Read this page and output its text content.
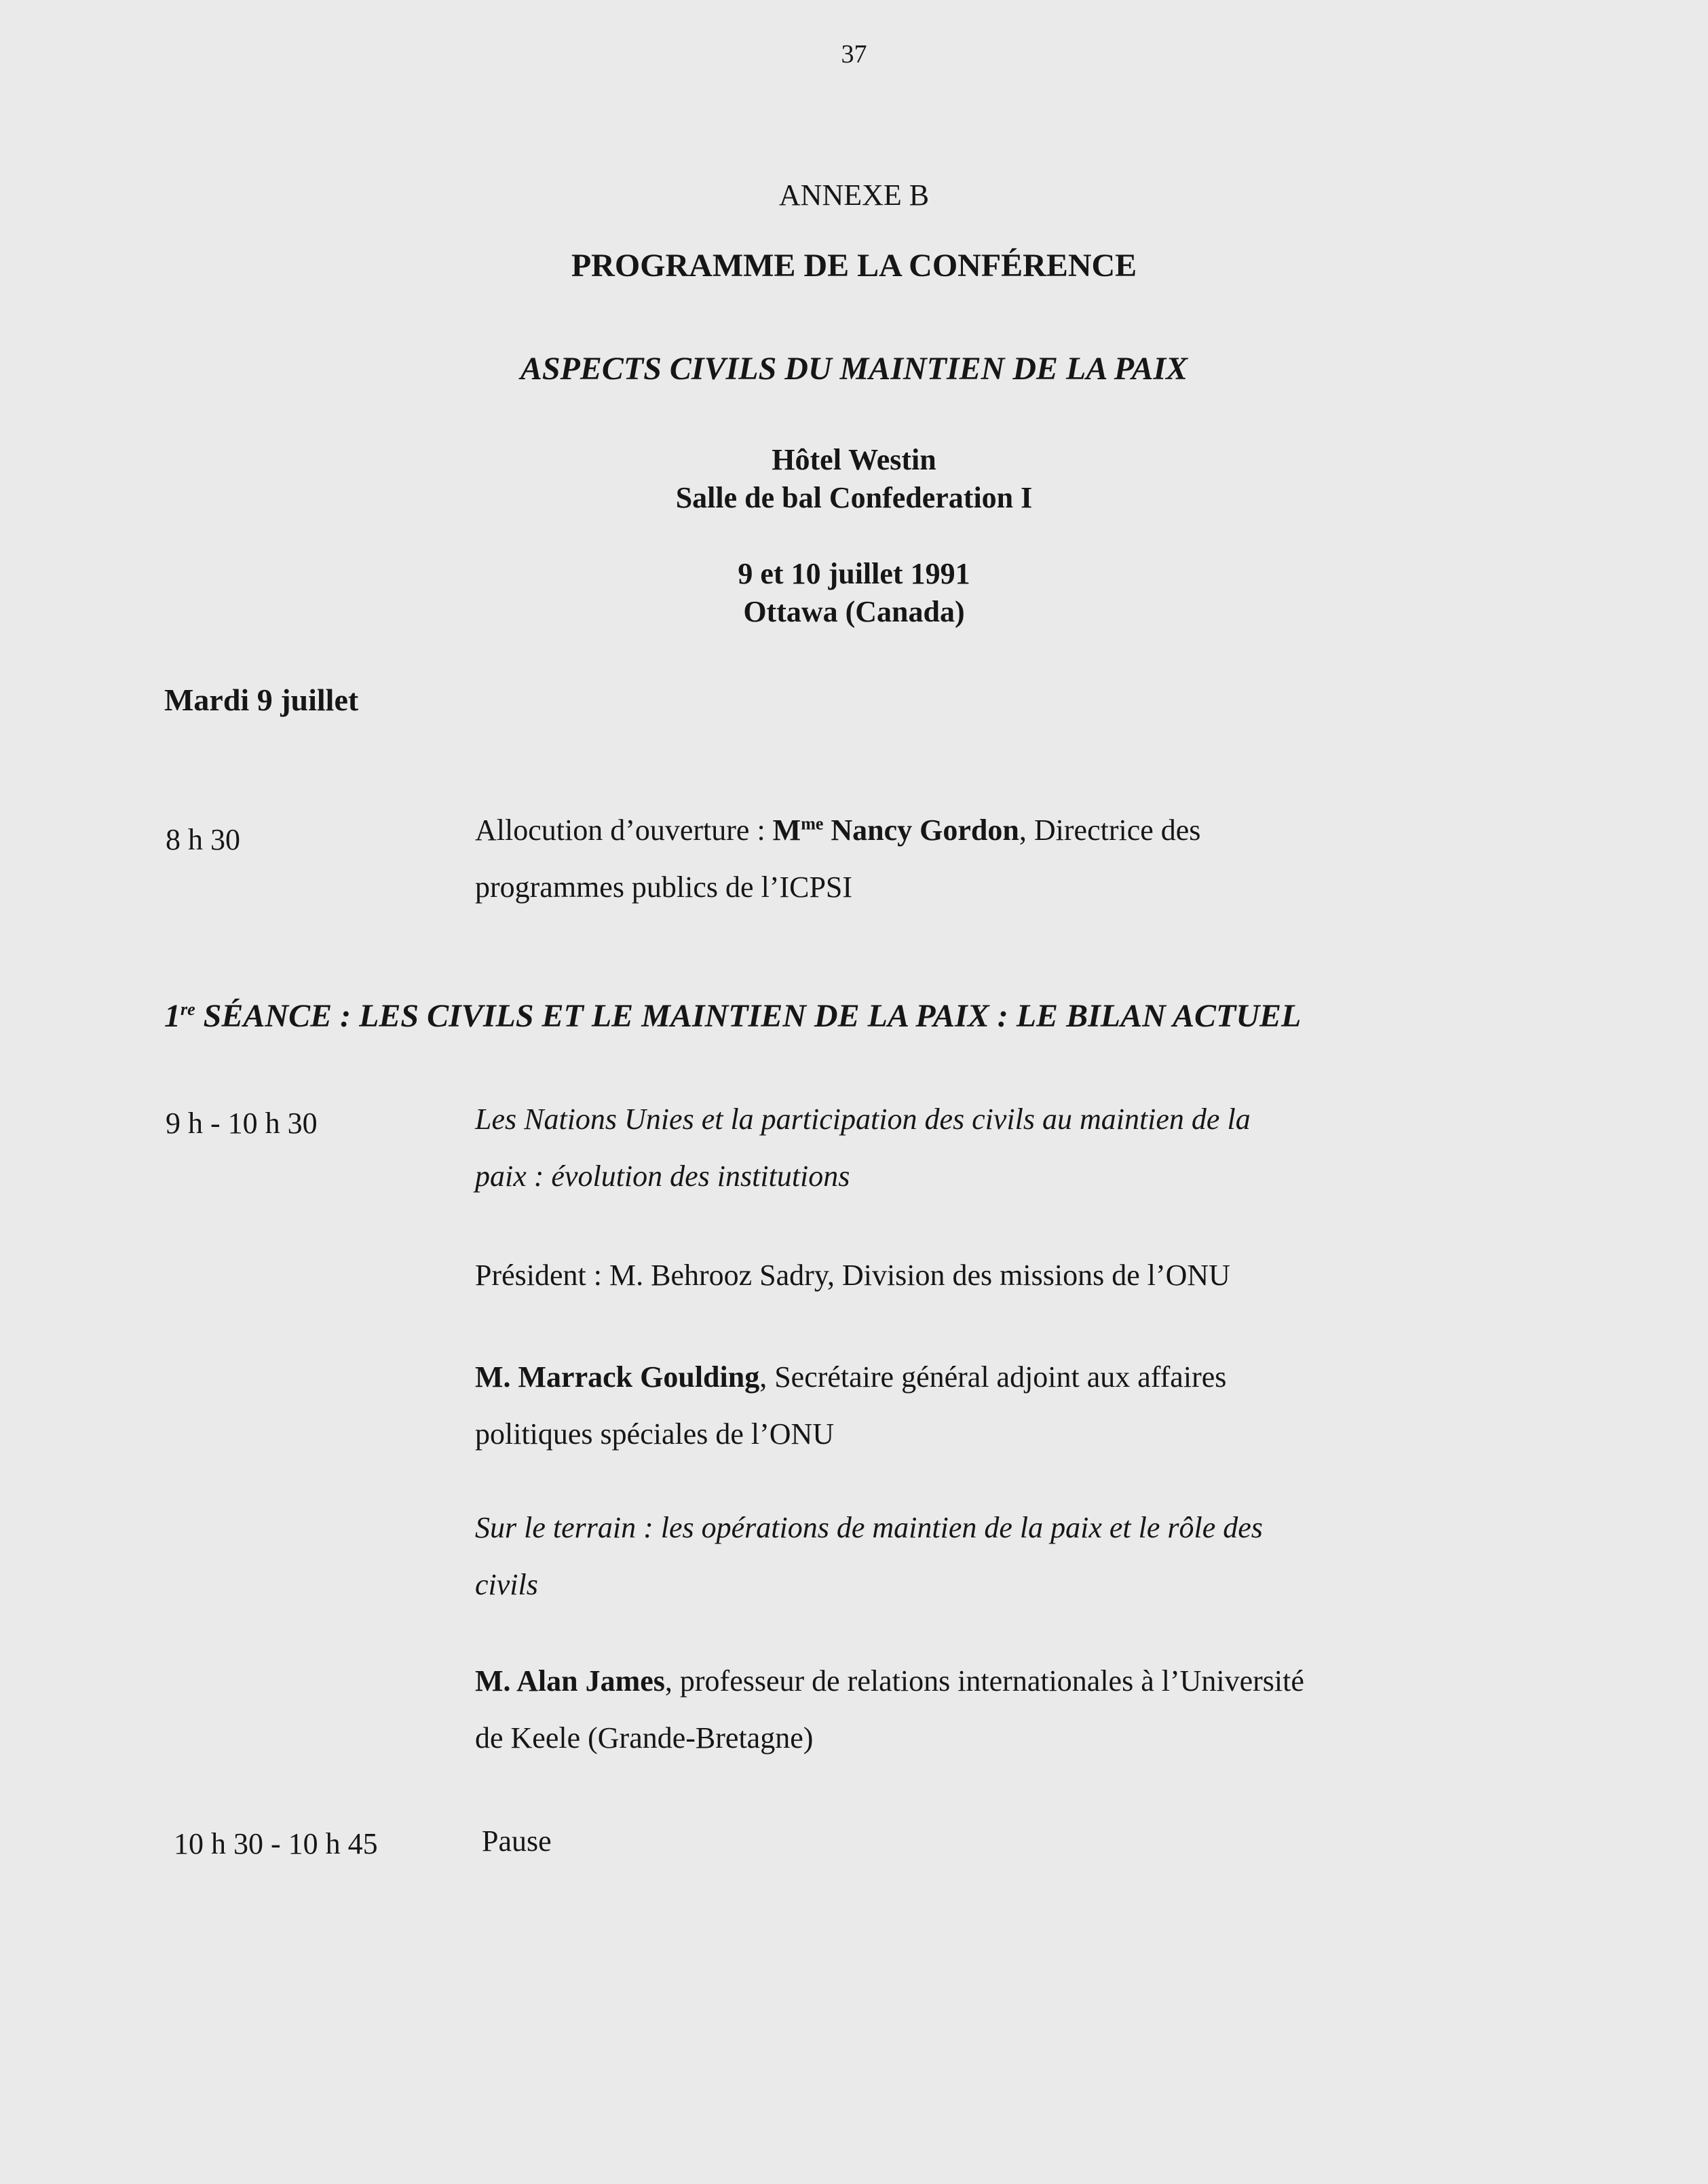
37
ANNEXE B
PROGRAMME DE LA CONFÉRENCE
ASPECTS CIVILS DU MAINTIEN DE LA PAIX
Hôtel Westin
Salle de bal Confederation I
9 et 10 juillet 1991
Ottawa (Canada)
Mardi 9 juillet
8 h 30	Allocution d’ouverture : $M^{me}$ Nancy Gordon, Directrice des
programmes publics de l’ICPSI
1re SÉANCE : LES CIVILS ET LE MAINTIEN DE LA PAIX : LE BILAN ACTUEL
9 h - 10 h 30	Les Nations Unies et la participation des civils au maintien de la
paix : évolution des institutions
Président : M. Behrooz Sadry, Division des missions de l’ONU
M. Marrack Goulding, Secrétaire général adjoint aux affaires
politiques spéciales de l’ONU
Sur le terrain : les opérations de maintien de la paix et le rôle des
civils
M. Alan James, professeur de relations internationales à l’Université
de Keele (Grande-Bretagne)
10 h 30 - 10 h 45	Pause
